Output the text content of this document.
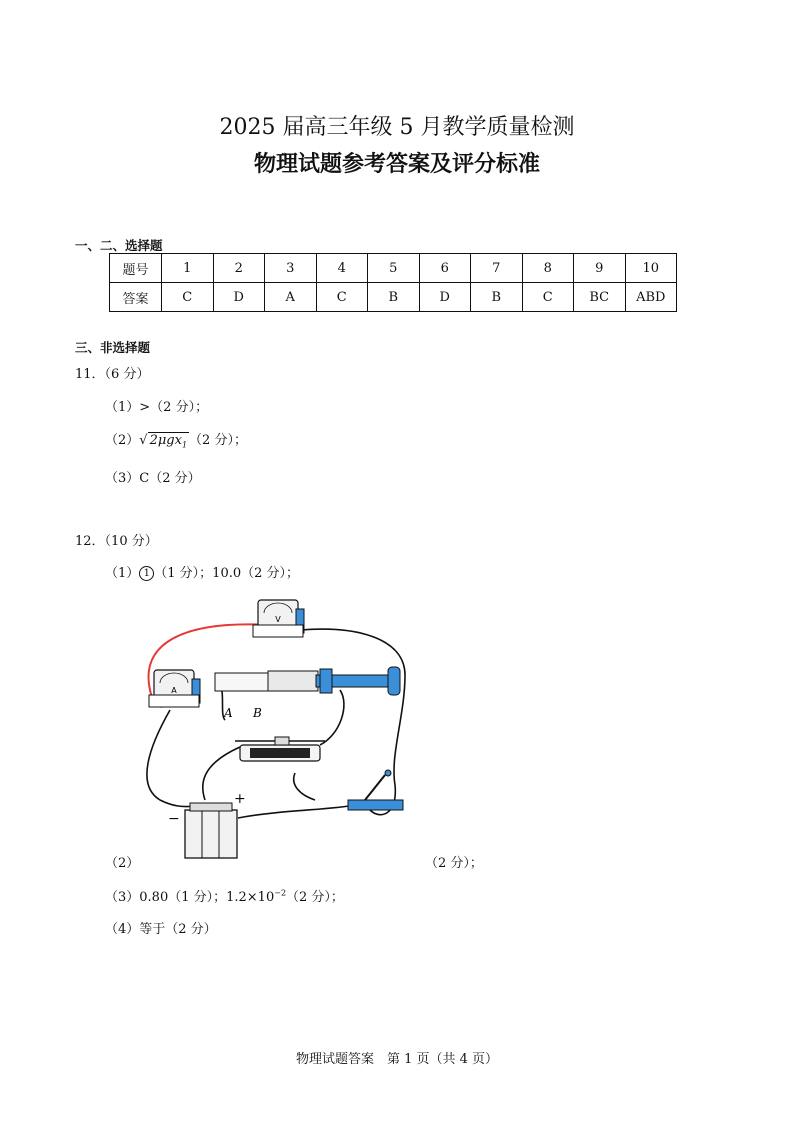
2025 届高三年级 5 月教学质量检测
物理试题参考答案及评分标准
一、二、选择题
题号	1	2	3	4	5	6	7	8	9	10
答案	C	D	A	C	B	D	B	C	BC	ABD
三、非选择题
11．（6 分）
（1）>（2 分）；
（2）√ 2μgx$_1$ （2 分）；
（3）C（2 分）
12．（10 分）
（1） 1 （1 分）；10.0（2 分）；
V
A
A B
+
−
（2）	（2 分）；
（3）0.80（1 分）；$1.2\times 10^{-2}(2$ 分）；
（4）等于（2 分）
物理试题答案　第 1 页（共 4 页）
